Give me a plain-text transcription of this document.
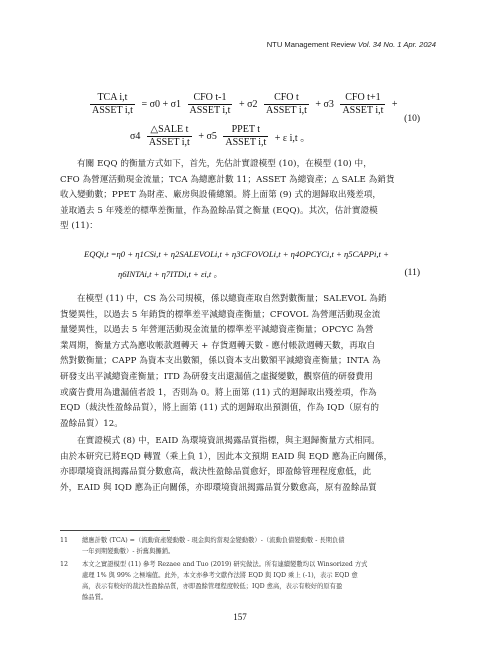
NTU Management Review Vol. 34 No. 1 Apr. 2024
$\frac{\text{TCA i,t}}{\text{ASSET i,t}} = \sigma 0 + \sigma 1 \frac{\text{CFO t-1}}{\text{ASSET i,t}} + \sigma 2 \frac{\text{CFO t}}{\text{ASSET i,t}} + \sigma 3 \frac{\text{CFO t+1}}{\text{ASSET i,t}}$ +
$\sigma 4 \frac{\text{△SALE t}}{\text{ASSET i,t}} + \sigma 5 \frac{\text{PPET t}}{\text{ASSET i,t}} + \varepsilon$ i,t 。
(10)
有關 EQQ 的衡量方式如下，首先，先估計實證模型 (10)，在模型 (10) 中，
CFO 為營運活動現金流量；TCA 為總應計數 11；ASSET 為總資產；△ SALE 為銷貨
收入變動數；PPET 為財產、廠房與設備總額。將上面第 (9) 式的迴歸取出殘差項，
並取過去 5 年殘差的標準差衡量，作為盈餘品質之衡量 (EQQ)。其次，估計實證模
型 (11)：
EQQi,t =η0 + η1CSi,t + η2SALEVOLi,t + η3CFOVOLi,t + η4OPCYCi,t + η5CAPPi,t +
η6INTAi,t + η7ITDi,t + εi,t 。	(11)
在模型 (11) 中，CS 為公司規模，係以總資產取自然對數衡量；SALEVOL 為銷
貨變異性，以過去 5 年銷貨的標準差平減總資產衡量；CFOVOL 為營運活動現金流
量變異性，以過去 5 年營運活動現金流量的標準差平減總資產衡量；OPCYC 為營
業周期，衡量方式為應收帳款週轉天 + 存貨週轉天數 - 應付帳款週轉天數，再取自
然對數衡量；CAPP 為資本支出數額，係以資本支出數額平減總資產衡量；INTA 為
研發支出平減總資產衡量；ITD 為研發支出還漏值之虛擬變數，觀察值的研發費用
或廣告費用為遺漏值者設 1，否則為 0。將上面第 (11) 式的迴歸取出殘差項，作為
EQD（裁決性盈餘品質），將上面第 (11) 式的迴歸取出預測值，作為 IQD（原有的
盈餘品質）12。
在實證模式 (8) 中，EAID 為環境資訊揭露品質指標，與主迴歸衡量方式相同。
由於本研究已將EQD 轉置（乘上負 1），因此本文預期 EAID 與 EQD 應為正向關係，
亦即環境資訊揭露品質分數愈高，裁決性盈餘品質愈好，即盈餘管理程度愈低，此
外，EAID 與 IQD 應為正向關係，亦即環境資訊揭露品質分數愈高，原有盈餘品質
11 總應計數 (TCA) =（流動資產變動數 - 現金與約當現金變動數）-（流動負債變動數 - 長期負債
一年到期變動數）- 折舊與攤銷。
12 本文之實證模型 (11) 參考 Rezaee and Tuo (2019) 研究做法。所有連續變數均以 Winsorized 方式
處理 1% 與 99% 之極端值。此外，本文亦參考文獻作法將 EQD 與 IQD 乘上 (-1)，表示 EQD 愈
高，表示有較好的裁決性盈餘品質，亦即盈餘管理程度較低；IQD 愈高，表示有較好的原有盈
餘品質。
157
